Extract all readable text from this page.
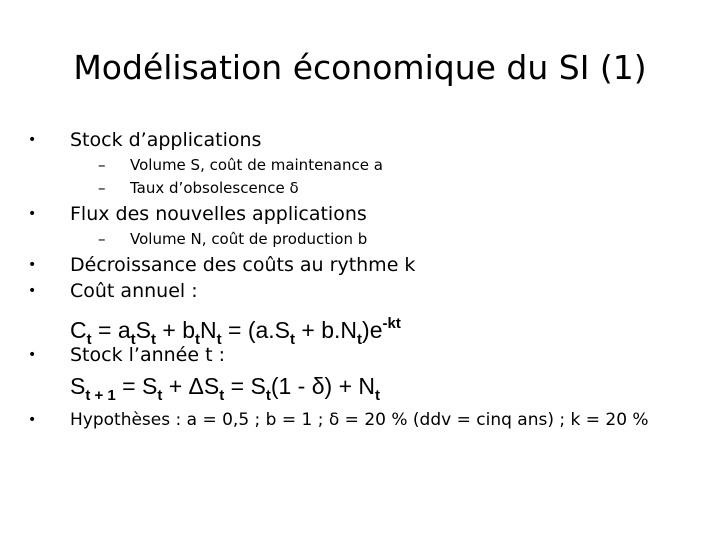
Modélisation économique du SI (1)
• Stock d’applications
– Volume S, coût de maintenance a
– Taux d’obsolescence δ
• Flux des nouvelles applications
– Volume N, coût de production b
• Décroissance des coûts au rythme k
• Coût annuel :
$C_t = a_tS_t + b_tN_t = (a.S_t + b.N_t)e^{-kt}$
• Stock l’année t :
$S_{t + 1} = S_t + \Delta S_t = S_t(1 - \delta) + N_t$
• Hypothèses : a = 0,5 ; b = 1 ; δ = 20 % (ddv = cinq ans) ; k = 20 %
